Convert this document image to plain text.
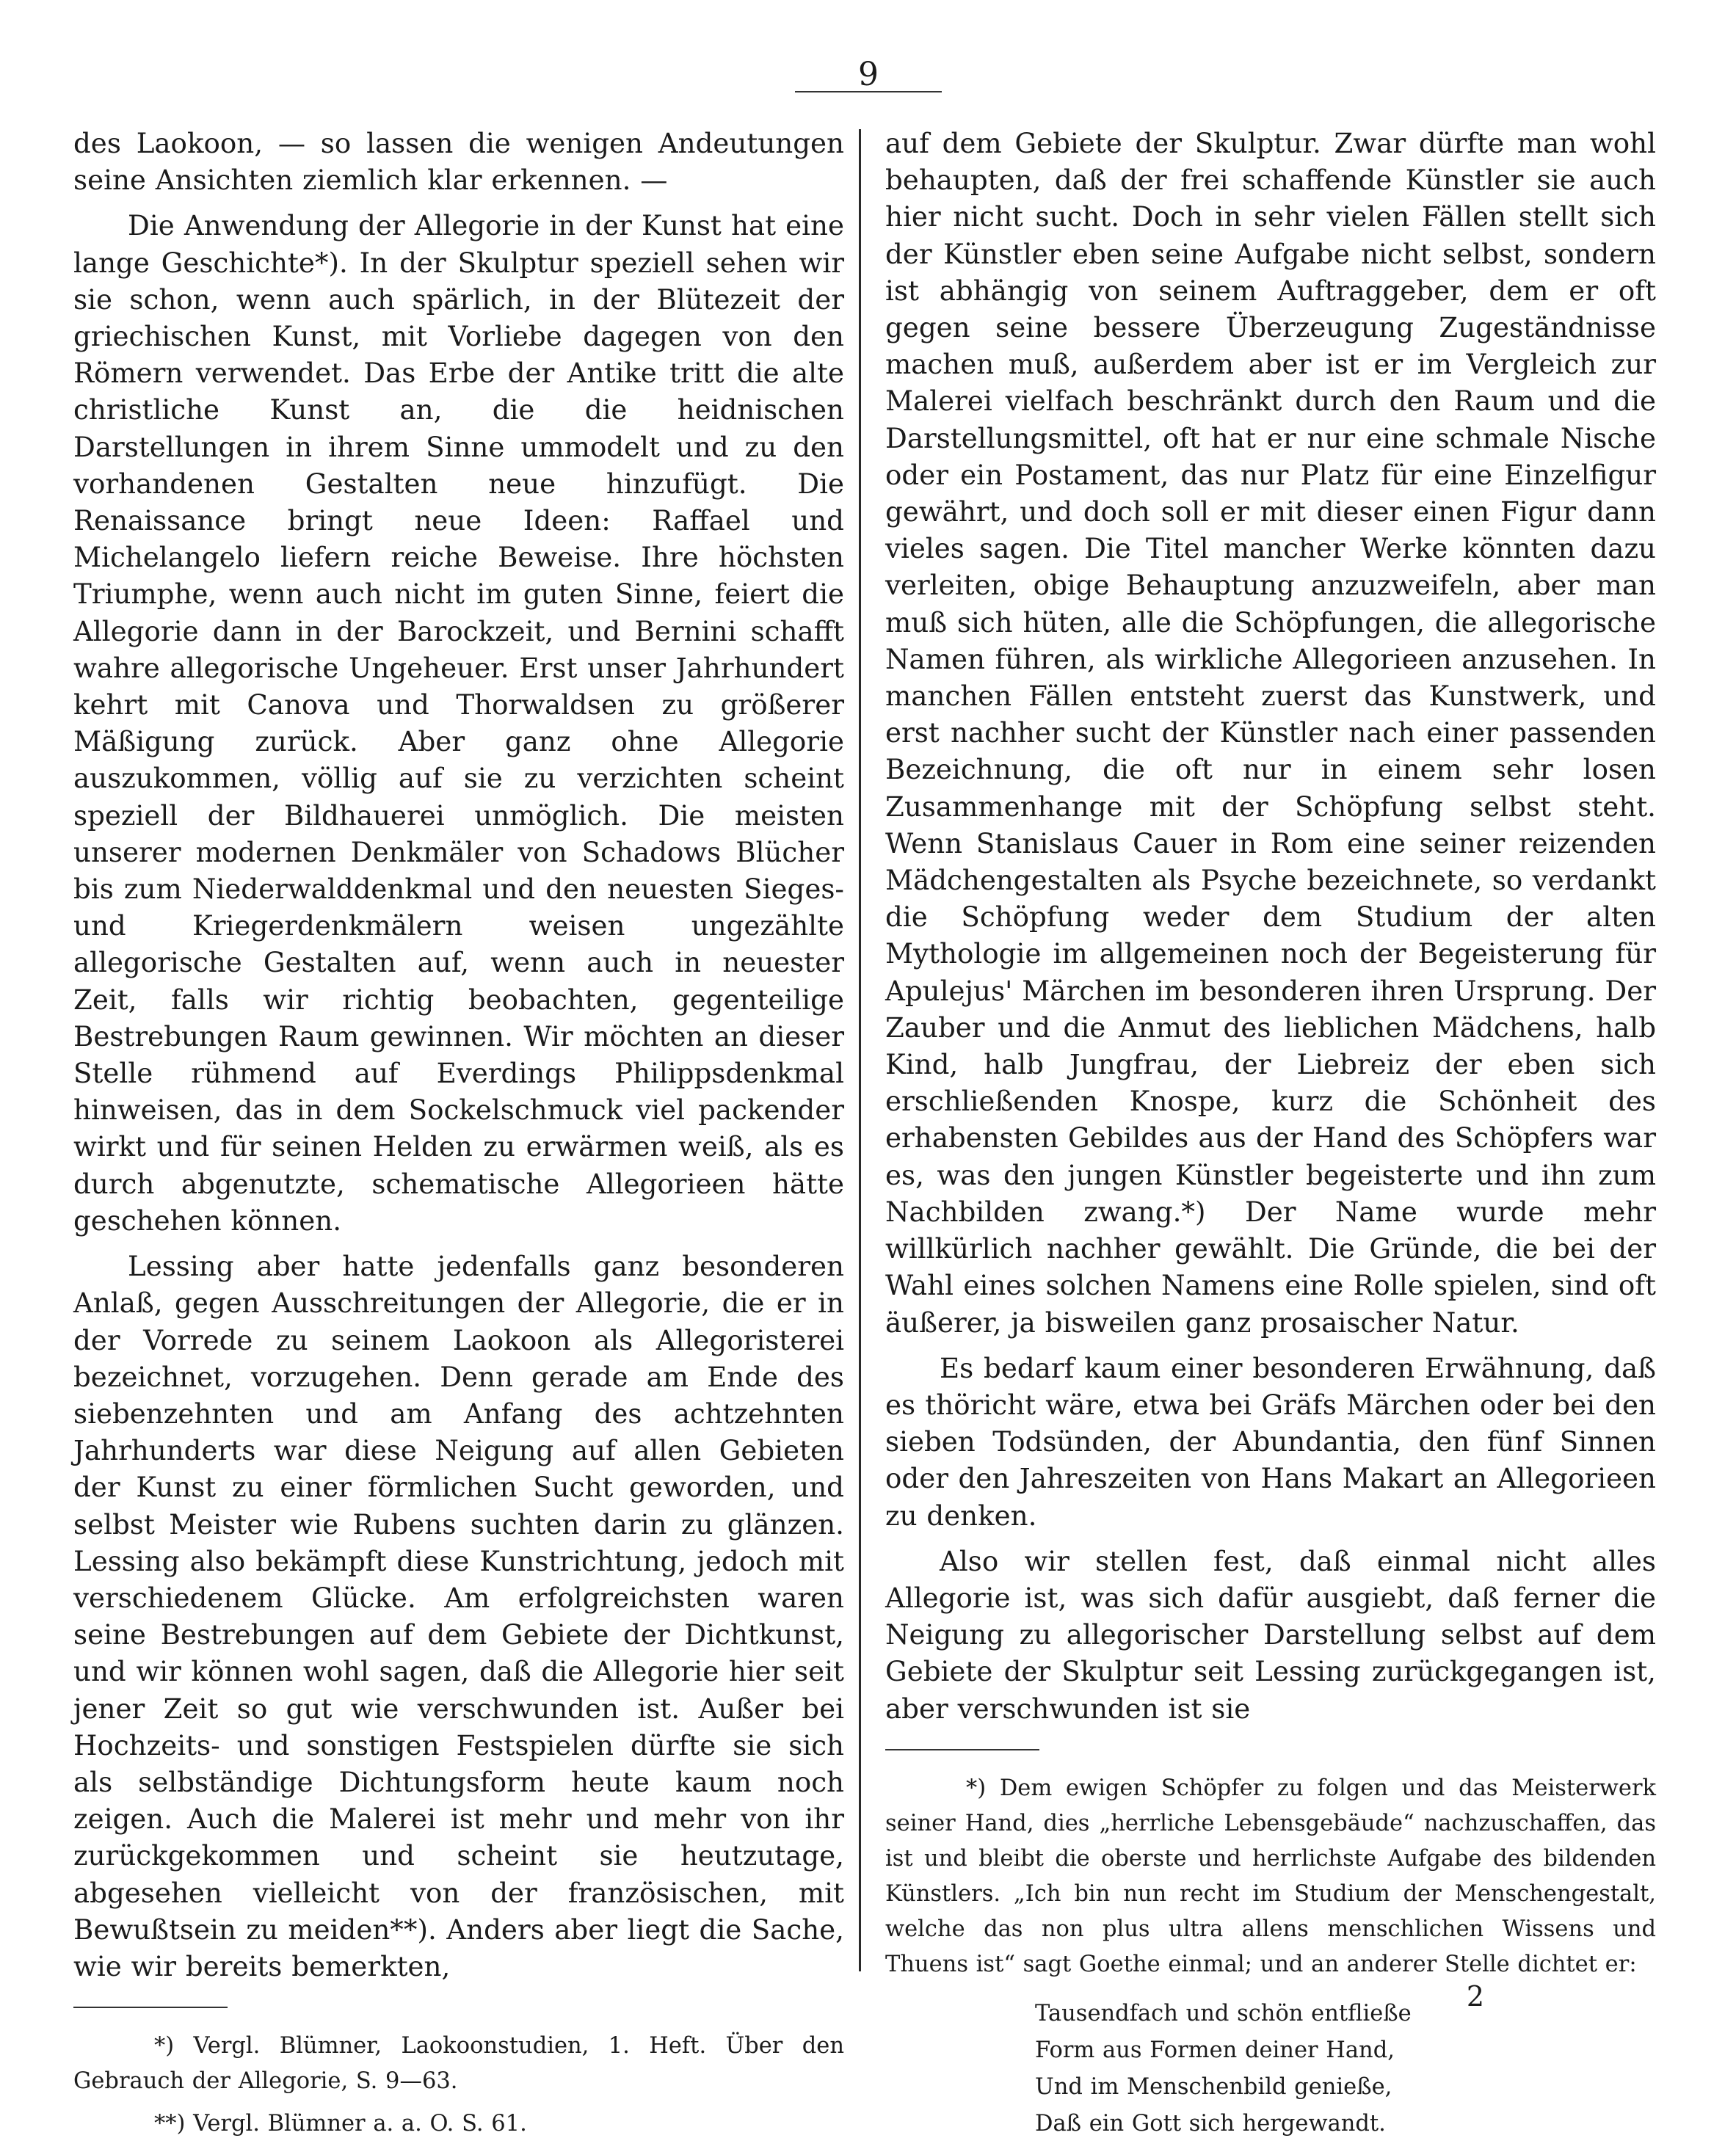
9

des Laokoon, — so lassen die wenigen Andeutungen seine Ansichten ziemlich klar erkennen. —

Die Anwendung der Allegorie in der Kunst hat eine lange Geschichte*). In der Skulptur speziell sehen wir sie schon, wenn auch spärlich, in der Blütezeit der griechischen Kunst, mit Vorliebe dagegen von den Römern verwendet. Das Erbe der Antike tritt die alte christliche Kunst an, die die heidnischen Darstellungen in ihrem Sinne ummodelt und zu den vorhandenen Gestalten neue hinzufügt. Die Renaissance bringt neue Ideen: Raffael und Michelangelo liefern reiche Beweise. Ihre höchsten Triumphe, wenn auch nicht im guten Sinne, feiert die Allegorie dann in der Barockzeit, und Bernini schafft wahre allegorische Ungeheuer. Erst unser Jahrhundert kehrt mit Canova und Thorwaldsen zu größerer Mäßigung zurück. Aber ganz ohne Allegorie auszukommen, völlig auf sie zu verzichten scheint speziell der Bildhauerei unmöglich. Die meisten unserer modernen Denkmäler von Schadows Blücher bis zum Niederwalddenkmal und den neuesten Sieges- und Kriegerdenkmälern weisen ungezählte allegorische Gestalten auf, wenn auch in neuester Zeit, falls wir richtig beobachten, gegenteilige Bestrebungen Raum gewinnen. Wir möchten an dieser Stelle rühmend auf Everdings Philippsdenkmal hinweisen, das in dem Sockelschmuck viel packender wirkt und für seinen Helden zu erwärmen weiß, als es durch abgenutzte, schematische Allegorieen hätte geschehen können.

Lessing aber hatte jedenfalls ganz besonderen Anlaß, gegen Ausschreitungen der Allegorie, die er in der Vorrede zu seinem Laokoon als Allegoristerei bezeichnet, vorzugehen. Denn gerade am Ende des siebenzehnten und am Anfang des achtzehnten Jahrhunderts war diese Neigung auf allen Gebieten der Kunst zu einer förmlichen Sucht geworden, und selbst Meister wie Rubens suchten darin zu glänzen. Lessing also bekämpft diese Kunstrichtung, jedoch mit verschiedenem Glücke. Am erfolgreichsten waren seine Bestrebungen auf dem Gebiete der Dichtkunst, und wir können wohl sagen, daß die Allegorie hier seit jener Zeit so gut wie verschwunden ist. Außer bei Hochzeits- und sonstigen Festspielen dürfte sie sich als selbständige Dichtungsform heute kaum noch zeigen. Auch die Malerei ist mehr und mehr von ihr zurückgekommen und scheint sie heutzutage, abgesehen vielleicht von der französischen, mit Bewußtsein zu meiden**). Anders aber liegt die Sache, wie wir bereits bemerkten,

*) Vergl. Blümner, Laokoonstudien, 1. Heft. Über den Gebrauch der Allegorie, S. 9—63.

**) Vergl. Blümner a. a. O. S. 61.

auf dem Gebiete der Skulptur. Zwar dürfte man wohl behaupten, daß der frei schaffende Künstler sie auch hier nicht sucht. Doch in sehr vielen Fällen stellt sich der Künstler eben seine Aufgabe nicht selbst, sondern ist abhängig von seinem Auftraggeber, dem er oft gegen seine bessere Überzeugung Zugeständnisse machen muß, außerdem aber ist er im Vergleich zur Malerei vielfach beschränkt durch den Raum und die Darstellungsmittel, oft hat er nur eine schmale Nische oder ein Postament, das nur Platz für eine Einzelfigur gewährt, und doch soll er mit dieser einen Figur dann vieles sagen. Die Titel mancher Werke könnten dazu verleiten, obige Behauptung anzuzweifeln, aber man muß sich hüten, alle die Schöpfungen, die allegorische Namen führen, als wirkliche Allegorieen anzusehen. In manchen Fällen entsteht zuerst das Kunstwerk, und erst nachher sucht der Künstler nach einer passenden Bezeichnung, die oft nur in einem sehr losen Zusammenhange mit der Schöpfung selbst steht. Wenn Stanislaus Cauer in Rom eine seiner reizenden Mädchengestalten als Psyche bezeichnete, so verdankt die Schöpfung weder dem Studium der alten Mythologie im allgemeinen noch der Begeisterung für Apulejus' Märchen im besonderen ihren Ursprung. Der Zauber und die Anmut des lieblichen Mädchens, halb Kind, halb Jungfrau, der Liebreiz der eben sich erschließenden Knospe, kurz die Schönheit des erhabensten Gebildes aus der Hand des Schöpfers war es, was den jungen Künstler begeisterte und ihn zum Nachbilden zwang.*) Der Name wurde mehr willkürlich nachher gewählt. Die Gründe, die bei der Wahl eines solchen Namens eine Rolle spielen, sind oft äußerer, ja bisweilen ganz prosaischer Natur.

Es bedarf kaum einer besonderen Erwähnung, daß es thöricht wäre, etwa bei Gräfs Märchen oder bei den sieben Todsünden, der Abundantia, den fünf Sinnen oder den Jahreszeiten von Hans Makart an Allegorieen zu denken.

Also wir stellen fest, daß einmal nicht alles Allegorie ist, was sich dafür ausgiebt, daß ferner die Neigung zu allegorischer Darstellung selbst auf dem Gebiete der Skulptur seit Lessing zurückgegangen ist, aber verschwunden ist sie

*) Dem ewigen Schöpfer zu folgen und das Meisterwerk seiner Hand, dies „herrliche Lebensgebäude“ nachzuschaffen, das ist und bleibt die oberste und herrlichste Aufgabe des bildenden Künstlers. „Ich bin nun recht im Studium der Menschengestalt, welche das non plus ultra allens menschlichen Wissens und Thuens ist“ sagt Goethe einmal; und an anderer Stelle dichtet er:

Tausendfach und schön entfließe
Form aus Formen deiner Hand,
Und im Menschenbild genieße,
Daß ein Gott sich hergewandt.
2
